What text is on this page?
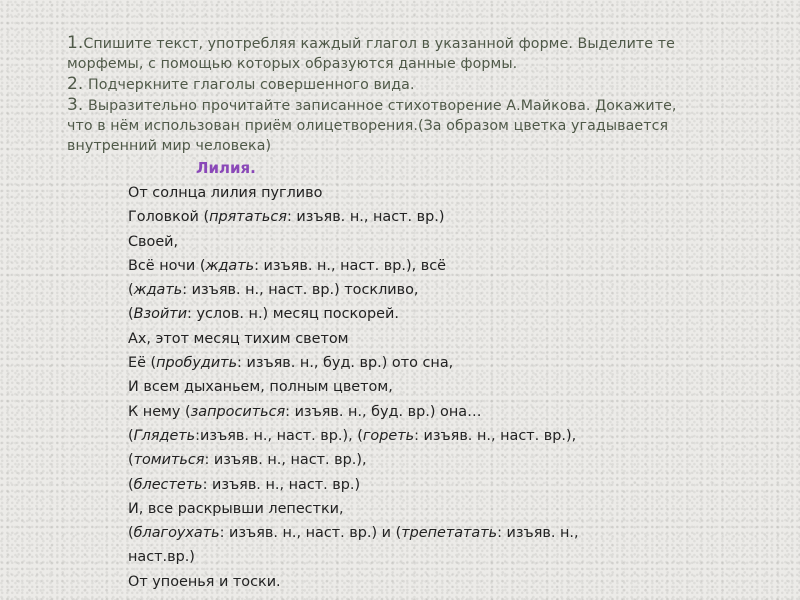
1.Спишите текст, употребляя каждый глагол в указанной форме. Выделите те
морфемы, с помощью которых образуются данные формы.
2. Подчеркните глаголы совершенного вида.
3. Выразительно прочитайте записанное стихотворение А.Майкова. Докажите,
что в нём использован приём олицетворения.(За образом цветка угадывается
внутренний мир человека)
Лилия.
От солнца лилия пугливо
Головкой (прятаться: изъяв. н., наст. вр.)
Своей,
Всё ночи (ждать: изъяв. н., наст. вр.), всё
(ждать: изъяв. н., наст. вр.) тоскливо,
(Взойти: услов. н.) месяц поскорей.
Ах, этот месяц тихим светом
Её (пробудить: изъяв. н., буд. вр.) ото сна,
И всем дыханьем, полным цветом,
К нему (запроситься: изъяв. н., буд. вр.) она…
(Глядеть:изъяв. н., наст. вр.), (гореть: изъяв. н., наст. вр.),
(томиться: изъяв. н., наст. вр.),
(блестеть: изъяв. н., наст. вр.)
И, все раскрывши лепестки,
(благоухать: изъяв. н., наст. вр.) и (трепетатать: изъяв. н.,
наст.вр.)
От упоенья и тоски.
